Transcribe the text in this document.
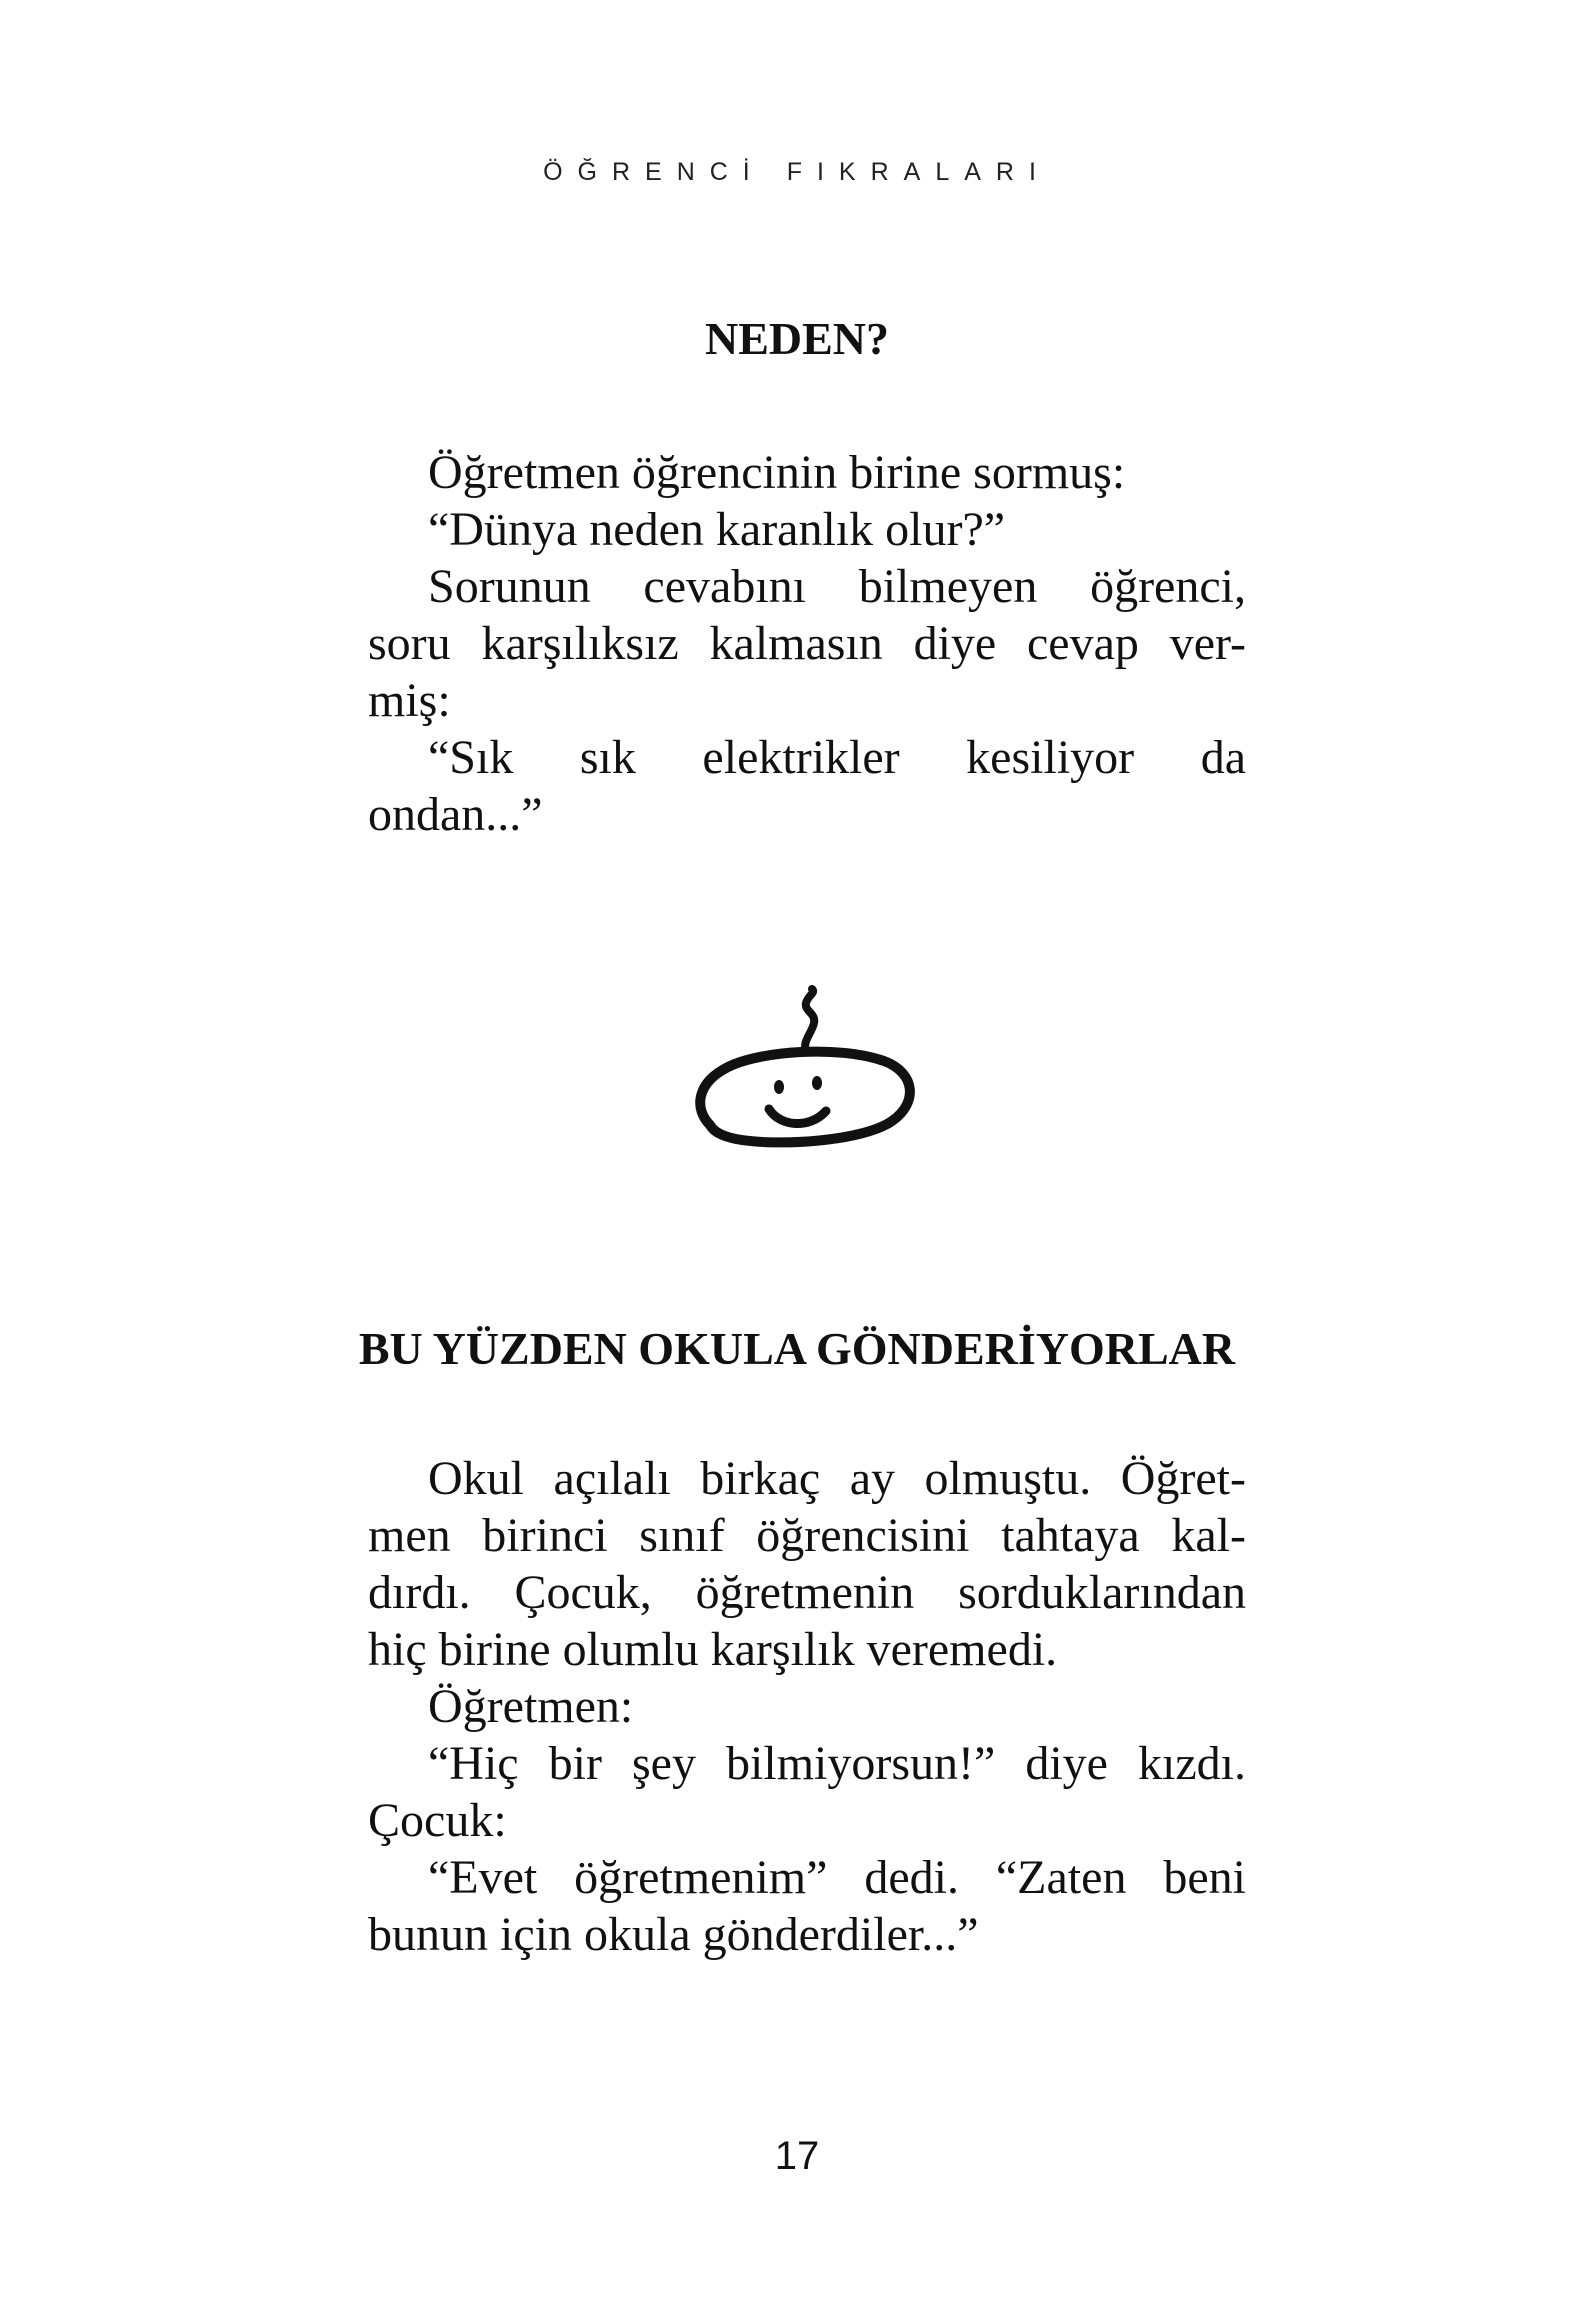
ÖĞRENCİ FIKRALARI
NEDEN?
Öğretmen öğrencinin birine sormuş:
“Dünya neden karanlık olur?”
Sorunun cevabını bilmeyen öğrenci,
soru karşılıksız kalmasın diye cevap ver-
miş:
“Sık sık elektrikler kesiliyor da
ondan...”
BU YÜZDEN OKULA GÖNDERİYORLAR
Okul açılalı birkaç ay olmuştu. Öğret-
men birinci sınıf öğrencisini tahtaya kal-
dırdı. Çocuk, öğretmenin sorduklarından
hiç birine olumlu karşılık veremedi.
Öğretmen:
“Hiç bir şey bilmiyorsun!” diye kızdı.
Çocuk:
“Evet öğretmenim” dedi. “Zaten beni
bunun için okula gönderdiler...”
17
